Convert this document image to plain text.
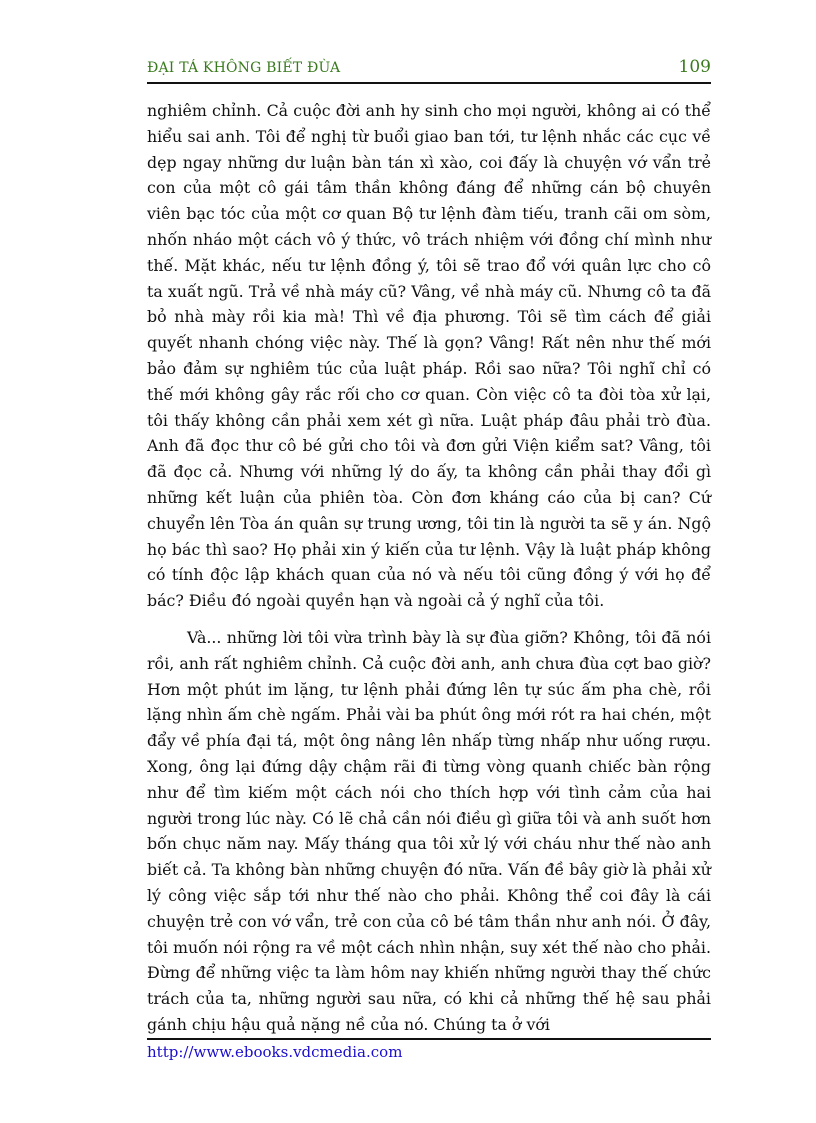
ĐẠI TÁ KHÔNG BIẾT ĐÙA	109

nghiêm chỉnh. Cả cuộc đời anh hy sinh cho mọi người, không ai có thể hiểu sai anh. Tôi để nghị từ buổi giao ban tới, tư lệnh nhắc các cục về dẹp ngay những dư luận bàn tán xì xào, coi đấy là chuyện vớ vẩn trẻ con của một cô gái tâm thần không đáng để những cán bộ chuyên viên bạc tóc của một cơ quan Bộ tư lệnh đàm tiếu, tranh cãi om sòm, nhốn nháo một cách vô ý thức, vô trách nhiệm với đồng chí mình như thế. Mặt khác, nếu tư lệnh đồng ý, tôi sẽ trao đổ với quân lực cho cô ta xuất ngũ. Trả về nhà máy cũ? Vâng, về nhà máy cũ. Nhưng cô ta đã bỏ nhà mày rồi kia mà! Thì về địa phương. Tôi sẽ tìm cách để giải quyết nhanh chóng việc này. Thế là gọn? Vâng! Rất nên như thế mới bảo đảm sự nghiêm túc của luật pháp. Rồi sao nữa? Tôi nghĩ chỉ có thế mới không gây rắc rối cho cơ quan. Còn việc cô ta đòi tòa xử lại, tôi thấy không cần phải xem xét gì nữa. Luật pháp đâu phải trò đùa. Anh đã đọc thư cô bé gửi cho tôi và đơn gửi Viện kiểm sat? Vâng, tôi đã đọc cả. Nhưng với những lý do ấy, ta không cần phải thay đổi gì những kết luận của phiên tòa. Còn đơn kháng cáo của bị can? Cứ chuyển lên Tòa án quân sự trung ương, tôi tin là người ta sẽ y án. Ngộ họ bác thì sao? Họ phải xin ý kiến của tư lệnh. Vậy là luật pháp không có tính độc lập khách quan của nó và nếu tôi cũng đồng ý với họ để bác? Điều đó ngoài quyền hạn và ngoài cả ý nghĩ của tôi.

Và... những lời tôi vừa trình bày là sự đùa giỡn? Không, tôi đã nói rồi, anh rất nghiêm chỉnh. Cả cuộc đời anh, anh chưa đùa cợt bao giờ? Hơn một phút im lặng, tư lệnh phải đứng lên tự súc ấm pha chè, rồi lặng nhìn ấm chè ngấm. Phải vài ba phút ông mới rót ra hai chén, một đẩy về phía đại tá, một ông nâng lên nhấp từng nhấp như uống rượu. Xong, ông lại đứng dậy chậm rãi đi từng vòng quanh chiếc bàn rộng như để tìm kiếm một cách nói cho thích hợp với tình cảm của hai người trong lúc này. Có lẽ chả cần nói điều gì giữa tôi và anh suốt hơn bốn chục năm nay. Mấy tháng qua tôi xử lý với cháu như thế nào anh biết cả. Ta không bàn những chuyện đó nữa. Vấn đề bây giờ là phải xử lý công việc sắp tới như thế nào cho phải. Không thể coi đây là cái chuyện trẻ con vớ vẩn, trẻ con của cô bé tâm thần như anh nói. Ở đây, tôi muốn nói rộng ra về một cách nhìn nhận, suy xét thế nào cho phải. Đừng để những việc ta làm hôm nay khiến những người thay thế chức trách của ta, những người sau nữa, có khi cả những thế hệ sau phải gánh chịu hậu quả nặng nề của nó. Chúng ta ở với

http://www.ebooks.vdcmedia.com
